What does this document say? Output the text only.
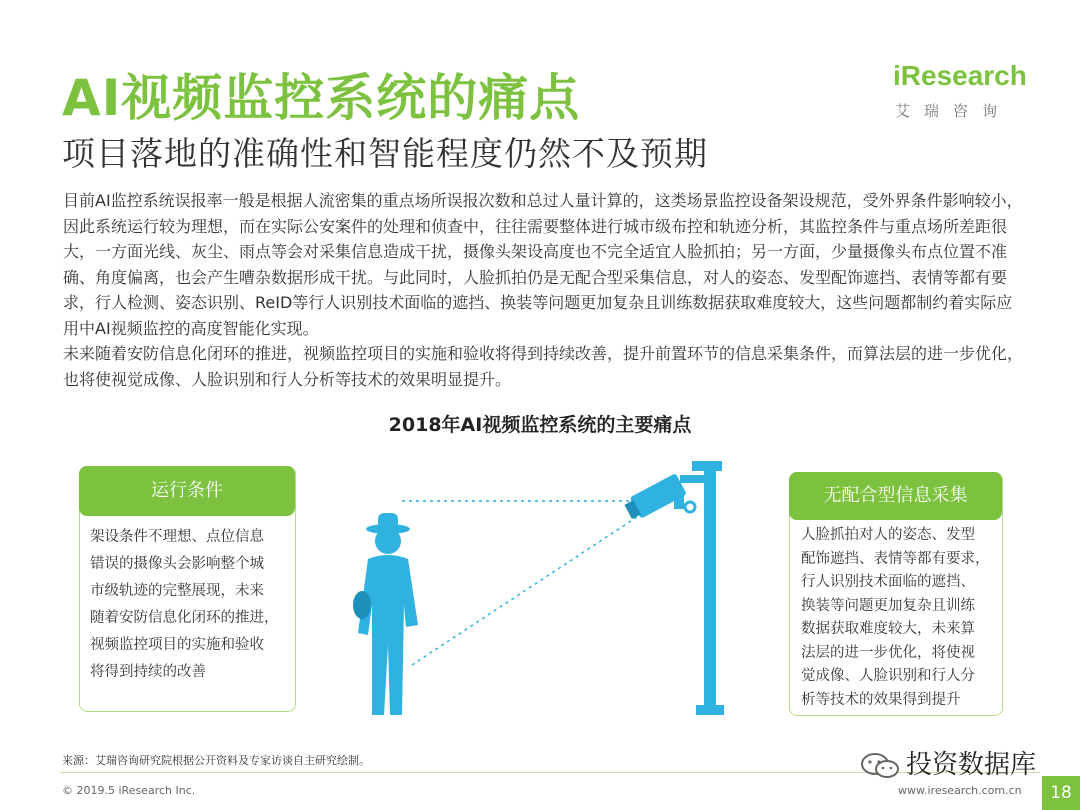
AI视频监控系统的痛点
项目落地的准确性和智能程度仍然不及预期
iResearch
艾瑞咨询

目前AI监控系统误报率一般是根据人流密集的重点场所误报次数和总过人量计算的，这类场景监控设备架设规范，受外界条件影响较小，因此系统运行较为理想，而在实际公安案件的处理和侦查中，往往需要整体进行城市级布控和轨迹分析，其监控条件与重点场所差距很大，一方面光线、灰尘、雨点等会对采集信息造成干扰，摄像头架设高度也不完全适宜人脸抓拍；另一方面，少量摄像头布点位置不准确、角度偏离，也会产生嘈杂数据形成干扰。与此同时，人脸抓拍仍是无配合型采集信息，对人的姿态、发型配饰遮挡、表情等都有要求，行人检测、姿态识别、ReID等行人识别技术面临的遮挡、换装等问题更加复杂且训练数据获取难度较大，这些问题都制约着实际应用中AI视频监控的高度智能化实现。

未来随着安防信息化闭环的推进，视频监控项目的实施和验收将得到持续改善，提升前置环节的信息采集条件，而算法层的进一步优化，也将使视觉成像、人脸识别和行人分析等技术的效果明显提升。

2018年AI视频监控系统的主要痛点
运行条件

架设条件不理想、点位信息

错误的摄像头会影响整个城

市级轨迹的完整展现，未来

随着安防信息化闭环的推进，

视频监控项目的实施和验收

将得到持续的改善

无配合型信息采集

人脸抓拍对人的姿态、发型

配饰遮挡、表情等都有要求，

行人识别技术面临的遮挡、

换装等问题更加复杂且训练

数据获取难度较大，未来算

法层的进一步优化，将使视

觉成像、人脸识别和行人分

析等技术的效果得到提升

来源：艾瑞咨询研究院根据公开资料及专家访谈自主研究绘制。
© 2019.5 iResearch Inc.	www.iresearch.com.cn	18
投资数据库
